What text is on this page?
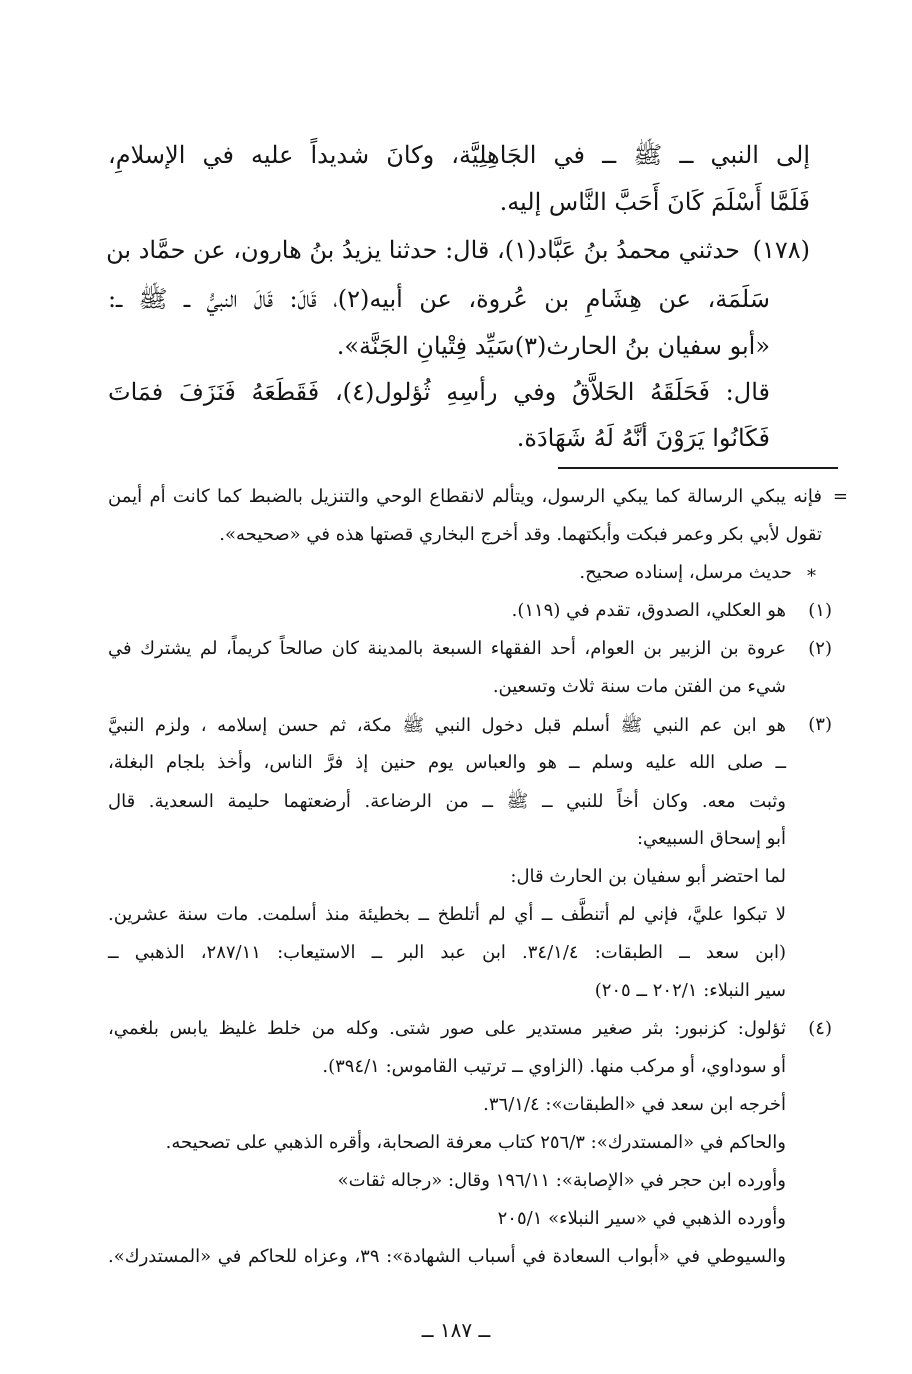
إلى النبي ــ ﷺ ــ في الجَاهِلِيَّة، وكانَ شديداً عليه في الإسلامِ،
فَلَمَّا أَسْلَمَ كَانَ أَحَبَّ النَّاس إليه.
(١٧٨)
حدثني محمدُ بنُ عَبَّاد(١)، قال: حدثنا يزيدُ بنُ هارون، عن حمَّاد بن
سَلَمَة، عن هِشَامِ بن عُروة، عن أبيه(٢)، قَالَ: قَالَ النبيُّ ــ ﷺ ــ:
«أبو سفيان بنُ الحارث(٣)سَيِّد فِتْيانِ الجَنَّة».
قال: فَحَلَقَهُ الحَلاَّقُ وفي رأسِهِ ثُؤلول(٤)، فَقَطَعَهُ فَنَزَفَ فمَاتَ
فَكَانُوا يَرَوْنَ أنَّهُ لَهُ شَهَادَة.
=
فإنه يبكي الرسالة كما يبكي الرسول، ويتألم لانقطاع الوحي والتنزيل بالضبط كما كانت أم أيمن
تقول لأبي بكر وعمر فبكت وأبكتهما. وقد أخرج البخاري قصتها هذه في «صحيحه».
*
حديث مرسل، إسناده صحيح.
(١)
هو العكلي، الصدوق، تقدم في (١١٩).
(٢)
عروة بن الزبير بن العوام، أحد الفقهاء السبعة بالمدينة كان صالحاً كريماً، لم يشترك في
شيء من الفتن مات سنة ثلاث وتسعين.
(٣)
هو ابن عم النبي ﷺ أسلم قبل دخول النبي ﷺ مكة، ثم حسن إسلامه ، ولزم النبيَّ
ــ صلى الله عليه وسلم ــ هو والعباس يوم حنين إذ فرَّ الناس، وأخذ بلجام البغلة،
وثبت معه. وكان أخاً للنبي ــ ﷺ ــ من الرضاعة. أرضعتهما حليمة السعدية. قال
أبو إسحاق السبيعي:
لما احتضر أبو سفيان بن الحارث قال:
لا تبكوا عليَّ، فإني لم أتنطَّف ــ أي لم أتلطخ ــ بخطيئة منذ أسلمت. مات سنة عشرين.
(ابن سعد ــ الطبقات: ٣٤/١/٤. ابن عبد البر ــ الاستيعاب: ٢٨٧/١١، الذهبي ــ
سير النبلاء: ٢٠٢/١ ــ ٢٠٥)
(٤)
ثؤلول: كزنبور: بثر صغير مستدير على صور شتى. وكله من خلط غليظ يابس بلغمي،
أو سوداوي، أو مركب منها. (الزاوي ــ ترتيب القاموس: ٣٩٤/١).
أخرجه ابن سعد في «الطبقات»: ٣٦/١/٤.
والحاكم في «المستدرك»: ٢٥٦/٣ كتاب معرفة الصحابة، وأقره الذهبي على تصحيحه.
وأورده ابن حجر في «الإصابة»: ١٩٦/١١ وقال: «رجاله ثقات»
وأورده الذهبي في «سير النبلاء» ٢٠٥/١
والسيوطي في «أبواب السعادة في أسباب الشهادة»: ٣٩، وعزاه للحاكم في «المستدرك».
ــ ١٨٧ ــ
